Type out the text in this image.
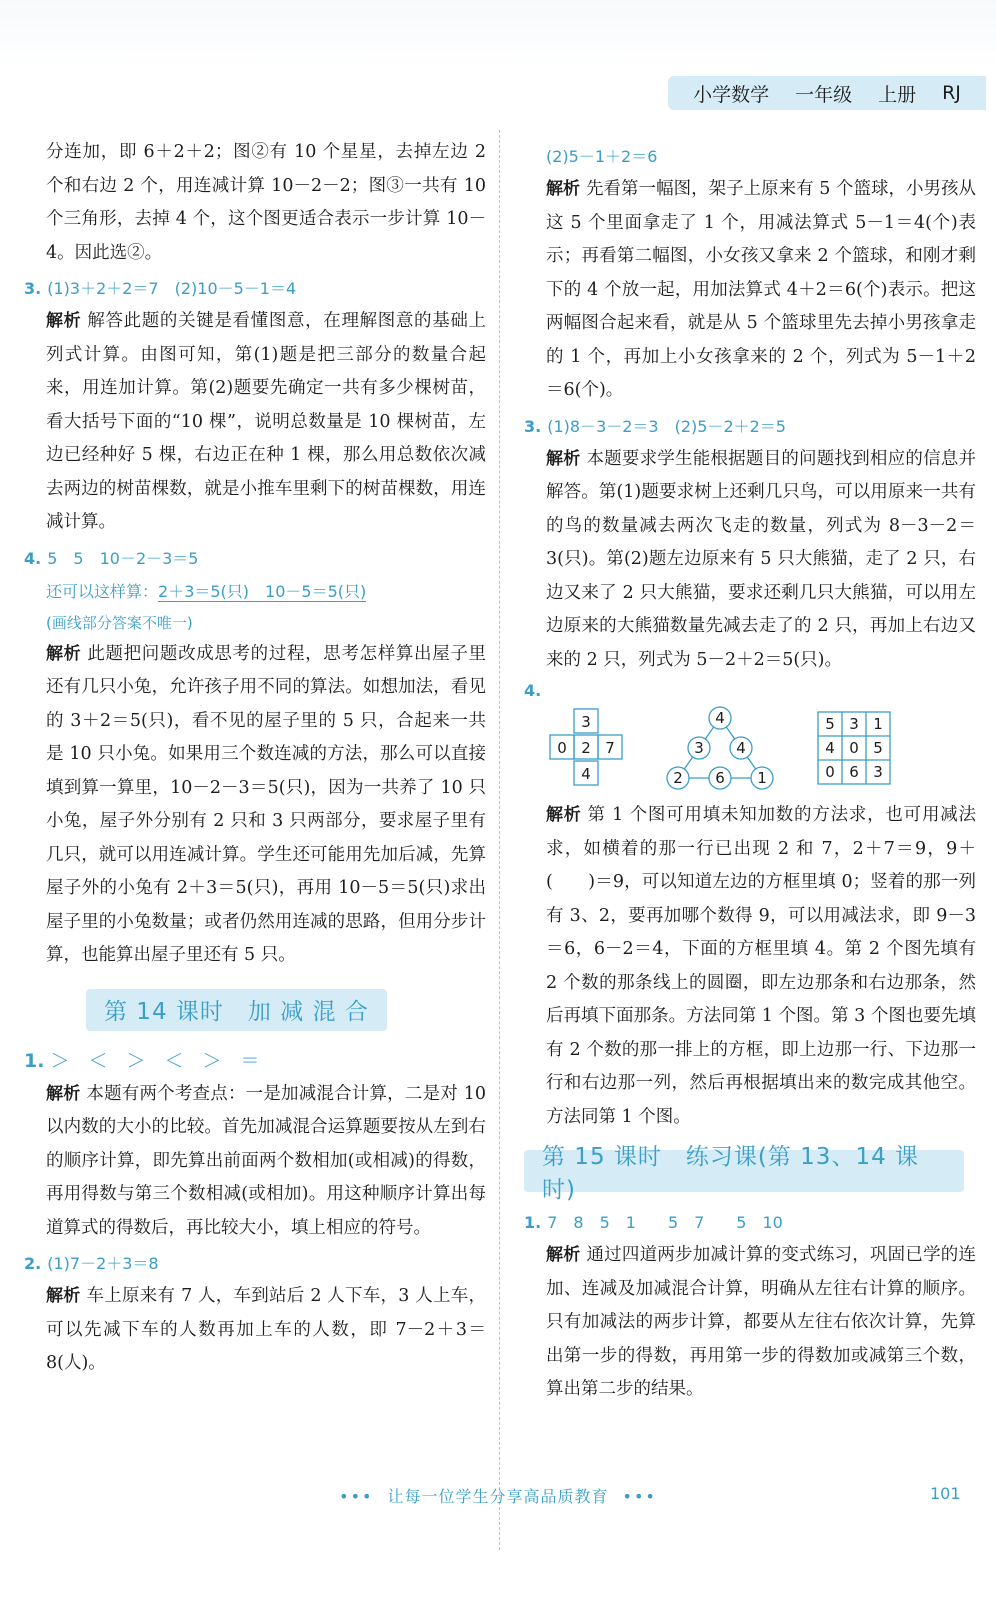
小学数学 一年级 上册 RJ

分连加，即 6＋2＋2；图②有 10 个星星，去掉左边 2 个和右边 2 个，用连减计算 10－2－2；图③一共有 10 个三角形，去掉 4 个，这个图更适合表示一步计算 10－4。因此选②。

3. (1)3＋2＋2＝7　(2)10－5－1＝4

解析 解答此题的关键是看懂图意，在理解图意的基础上列式计算。由图可知，第(1)题是把三部分的数量合起来，用连加计算。第(2)题要先确定一共有多少棵树苗，看大括号下面的“10 棵”，说明总数量是 10 棵树苗，左边已经种好 5 棵，右边正在种 1 棵，那么用总数依次减去两边的树苗棵数，就是小推车里剩下的树苗棵数，用连减计算。

4. 5　5　10－2－3＝5
还可以这样算：2＋3＝5(只)　10－5＝5(只)
(画线部分答案不唯一)

解析 此题把问题改成思考的过程，思考怎样算出屋子里还有几只小兔，允许孩子用不同的算法。如想加法，看见的 3＋2＝5(只)，看不见的屋子里的 5 只，合起来一共是 10 只小兔。如果用三个数连减的方法，那么可以直接填到算一算里，10－2－3＝5(只)，因为一共养了 10 只小兔，屋子外分别有 2 只和 3 只两部分，要求屋子里有几只，就可以用连减计算。学生还可能用先加后减，先算屋子外的小兔有 2＋3＝5(只)，再用 10－5＝5(只)求出屋子里的小兔数量；或者仍然用连减的思路，但用分步计算，也能算出屋子里还有 5 只。

第 14 课时　加 减 混 合
1. ＞　＜　＞　＜　＞　＝

解析 本题有两个考查点：一是加减混合计算，二是对 10 以内数的大小的比较。首先加减混合运算题要按从左到右的顺序计算，即先算出前面两个数相加(或相减)的得数，再用得数与第三个数相减(或相加)。用这种顺序计算出每道算式的得数后，再比较大小，填上相应的符号。

2. (1)7－2＋3＝8

解析 车上原来有 7 人，车到站后 2 人下车，3 人上车，可以先减下车的人数再加上车的人数，即 7－2＋3＝8(人)。

(2)5－1＋2＝6

解析 先看第一幅图，架子上原来有 5 个篮球，小男孩从这 5 个里面拿走了 1 个，用减法算式 5－1＝4(个)表示；再看第二幅图，小女孩又拿来 2 个篮球，和刚才剩下的 4 个放一起，用加法算式 4＋2＝6(个)表示。把这两幅图合起来看，就是从 5 个篮球里先去掉小男孩拿走的 1 个，再加上小女孩拿来的 2 个，列式为 5－1＋2＝6(个)。

3. (1)8－3－2＝3　(2)5－2＋2＝5

解析 本题要求学生能根据题目的问题找到相应的信息并解答。第(1)题要求树上还剩几只鸟，可以用原来一共有的鸟的数量减去两次飞走的数量，列式为 8－3－2＝3(只)。第(2)题左边原来有 5 只大熊猫，走了 2 只，右边又来了 2 只大熊猫，要求还剩几只大熊猫，可以用左边原来的大熊猫数量先减去走了的 2 只，再加上右边又来的 2 只，列式为 5－2＋2＝5(只)。

4.
3
0 2 7
4
4
3 4
2 6 1
5 3 1
4 0 5
0 6 3

解析 第 1 个图可用填未知加数的方法求，也可用减法求，如横着的那一行已出现 2 和 7，2＋7＝9，9＋(　　)＝9，可以知道左边的方框里填 0；竖着的那一列有 3、2，要再加哪个数得 9，可以用减法求，即 9－3＝6，6－2＝4，下面的方框里填 4。第 2 个图先填有 2 个数的那条线上的圆圈，即左边那条和右边那条，然后再填下面那条。方法同第 1 个图。第 3 个图也要先填有 2 个数的那一排上的方框，即上边那一行、下边那一行和右边那一列，然后再根据填出来的数完成其他空。方法同第 1 个图。

第 15 课时　练习课(第 13、14 课时)
1. 7　8　5　1　　5　7　　5　10

解析 通过四道两步加减计算的变式练习，巩固已学的连加、连减及加减混合计算，明确从左往右计算的顺序。只有加减法的两步计算，都要从左往右依次计算，先算出第一步的得数，再用第一步的得数加或减第三个数，算出第二步的结果。

••• 让每一位学生分享高品质教育 •••	101
